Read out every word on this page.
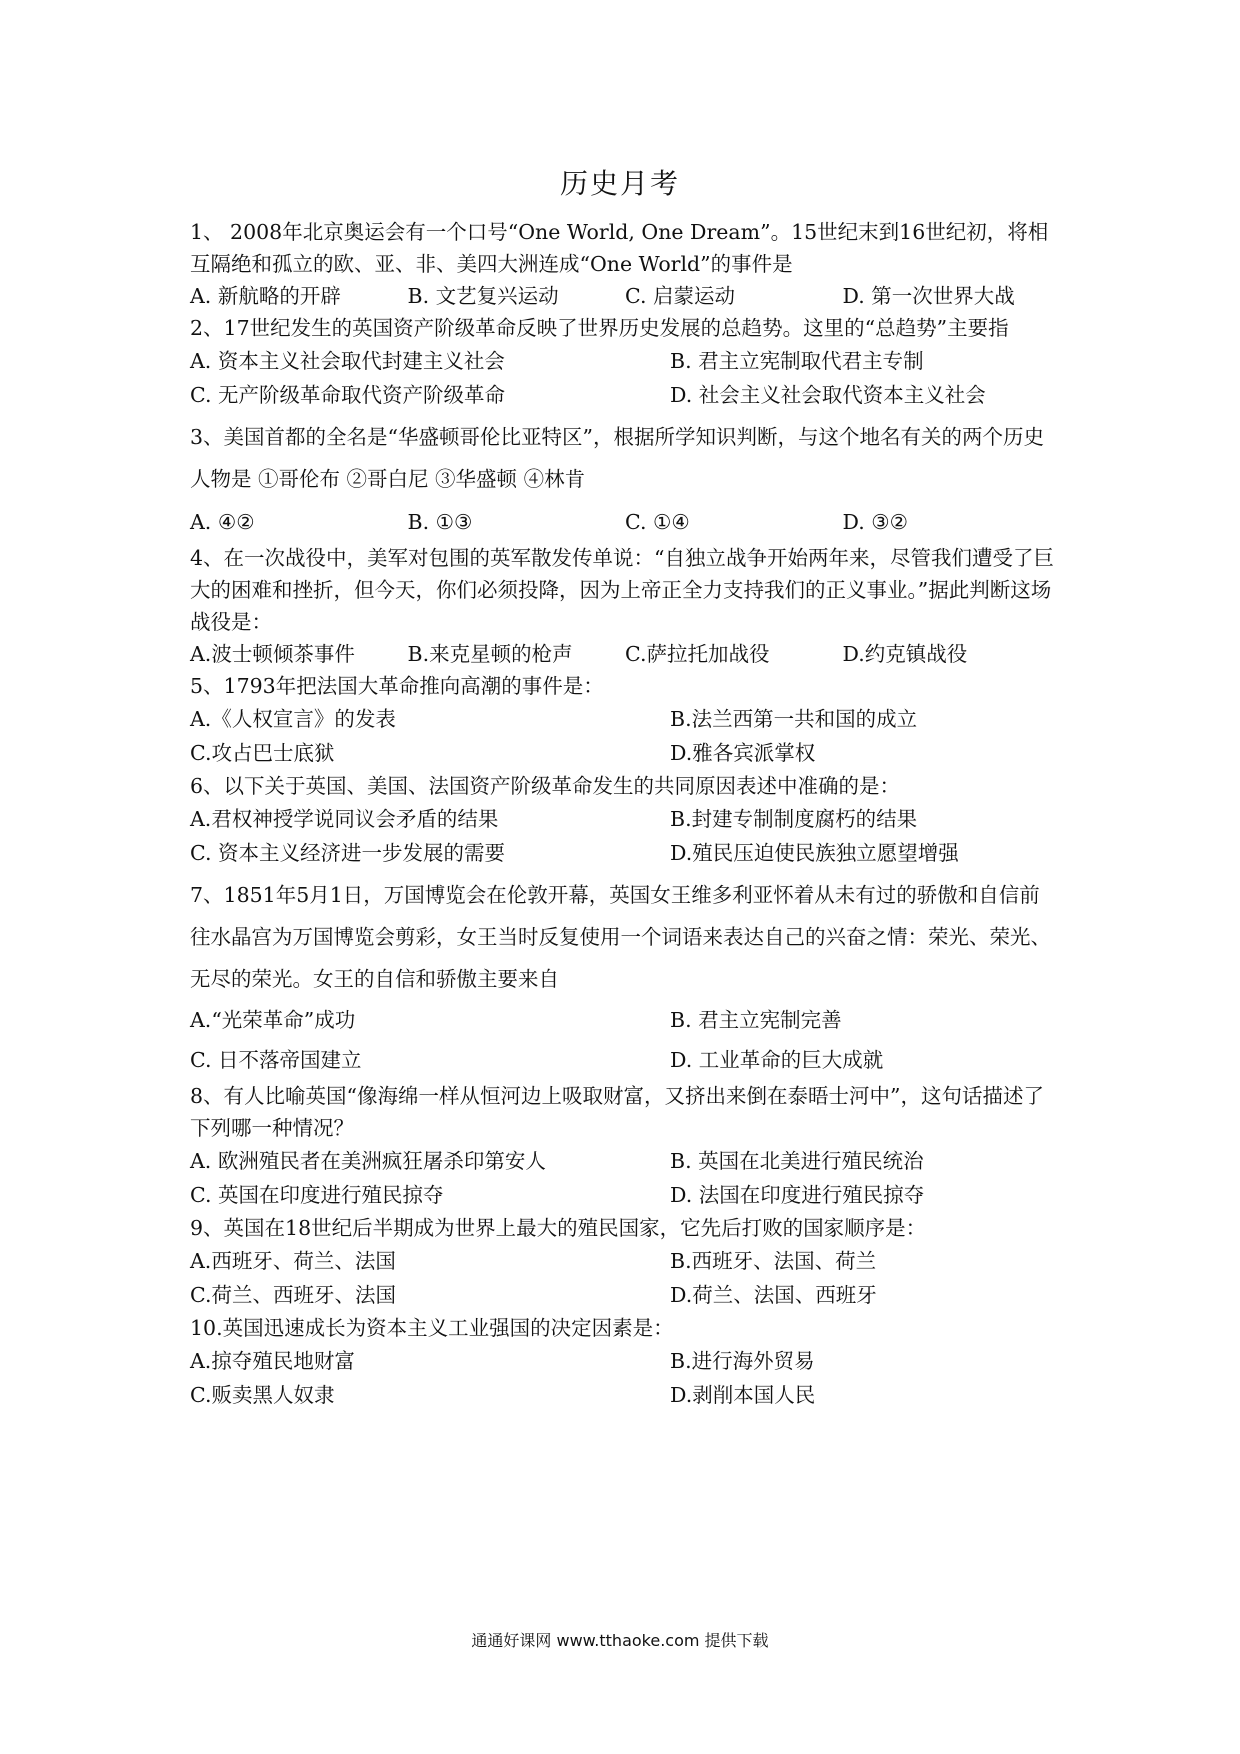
历史月考

1、 2008年北京奥运会有一个口号“One World, One Dream”。15世纪末到16世纪初，将相互隔绝和孤立的欧、亚、非、美四大洲连成“One World”的事件是

A. 新航略的开辟	B. 文艺复兴运动	C. 启蒙运动	D. 第一次世界大战

2、17世纪发生的英国资产阶级革命反映了世界历史发展的总趋势。这里的“总趋势”主要指

A. 资本主义社会取代封建主义社会	B. 君主立宪制取代君主专制
C. 无产阶级革命取代资产阶级革命	D. 社会主义社会取代资本主义社会

3、美国首都的全名是“华盛顿哥伦比亚特区”，根据所学知识判断，与这个地名有关的两个历史人物是 ①哥伦布 ②哥白尼 ③华盛顿 ④林肯

A. ④②	B. ①③	C. ①④	D. ③②

4、在一次战役中，美军对包围的英军散发传单说：“自独立战争开始两年来，尽管我们遭受了巨大的困难和挫折，但今天，你们必须投降，因为上帝正全力支持我们的正义事业。”据此判断这场战役是：

A.波士顿倾茶事件	B.来克星顿的枪声	C.萨拉托加战役	D.约克镇战役

5、1793年把法国大革命推向高潮的事件是：

A.《人权宣言》的发表	B.法兰西第一共和国的成立
C.攻占巴士底狱	D.雅各宾派掌权

6、以下关于英国、美国、法国资产阶级革命发生的共同原因表述中准确的是：

A.君权神授学说同议会矛盾的结果	B.封建专制制度腐朽的结果
C. 资本主义经济进一步发展的需要	D.殖民压迫使民族独立愿望增强

7、1851年5月1日，万国博览会在伦敦开幕，英国女王维多利亚怀着从未有过的骄傲和自信前往水晶宫为万国博览会剪彩，女王当时反复使用一个词语来表达自己的兴奋之情：荣光、荣光、无尽的荣光。女王的自信和骄傲主要来自

A.“光荣革命”成功	B. 君主立宪制完善
C. 日不落帝国建立	D. 工业革命的巨大成就

8、有人比喻英国“像海绵一样从恒河边上吸取财富，又挤出来倒在泰晤士河中”，这句话描述了下列哪一种情况？

A. 欧洲殖民者在美洲疯狂屠杀印第安人	B. 英国在北美进行殖民统治
C. 英国在印度进行殖民掠夺	D. 法国在印度进行殖民掠夺

9、英国在18世纪后半期成为世界上最大的殖民国家，它先后打败的国家顺序是：

A.西班牙、荷兰、法国	B.西班牙、法国、荷兰
C.荷兰、西班牙、法国	D.荷兰、法国、西班牙

10.英国迅速成长为资本主义工业强国的决定因素是：

A.掠夺殖民地财富	B.进行海外贸易
C.贩卖黑人奴隶	D.剥削本国人民
通通好课网 www.tthaoke.com 提供下载
